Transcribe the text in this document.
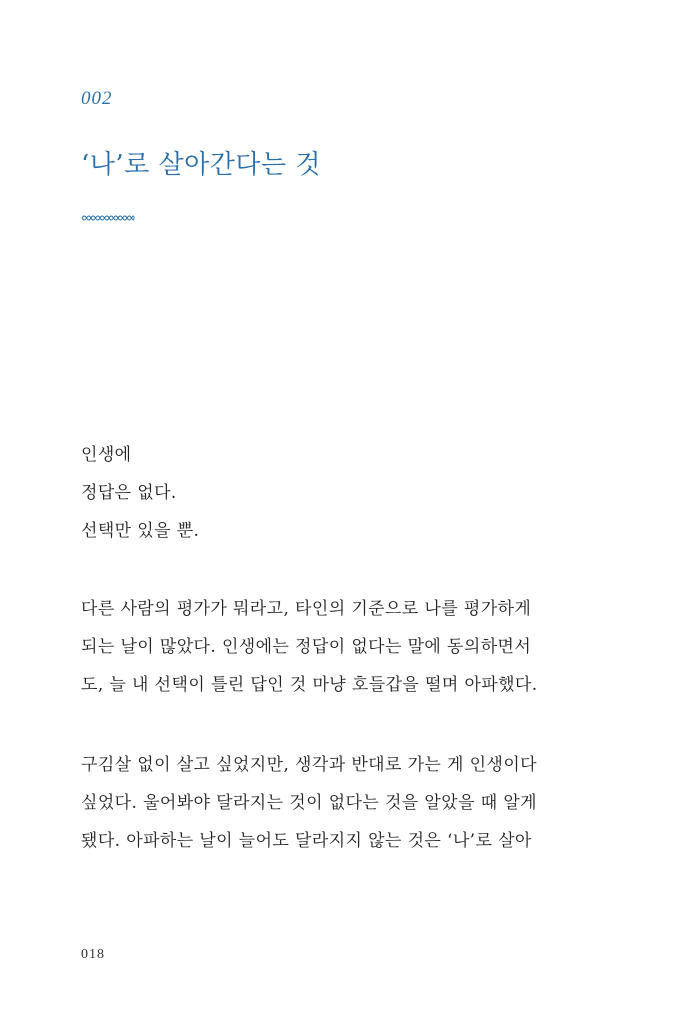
002
‘나’로 살아간다는 것
인생에
정답은 없다.
선택만 있을 뿐.
다른 사람의 평가가 뭐라고, 타인의 기준으로 나를 평가하게
되는 날이 많았다. 인생에는 정답이 없다는 말에 동의하면서
도, 늘 내 선택이 틀린 답인 것 마냥 호들갑을 떨며 아파했다.
구김살 없이 살고 싶었지만, 생각과 반대로 가는 게 인생이다
싶었다. 울어봐야 달라지는 것이 없다는 것을 알았을 때 알게
됐다. 아파하는 날이 늘어도 달라지지 않는 것은 ‘나’로 살아
018
